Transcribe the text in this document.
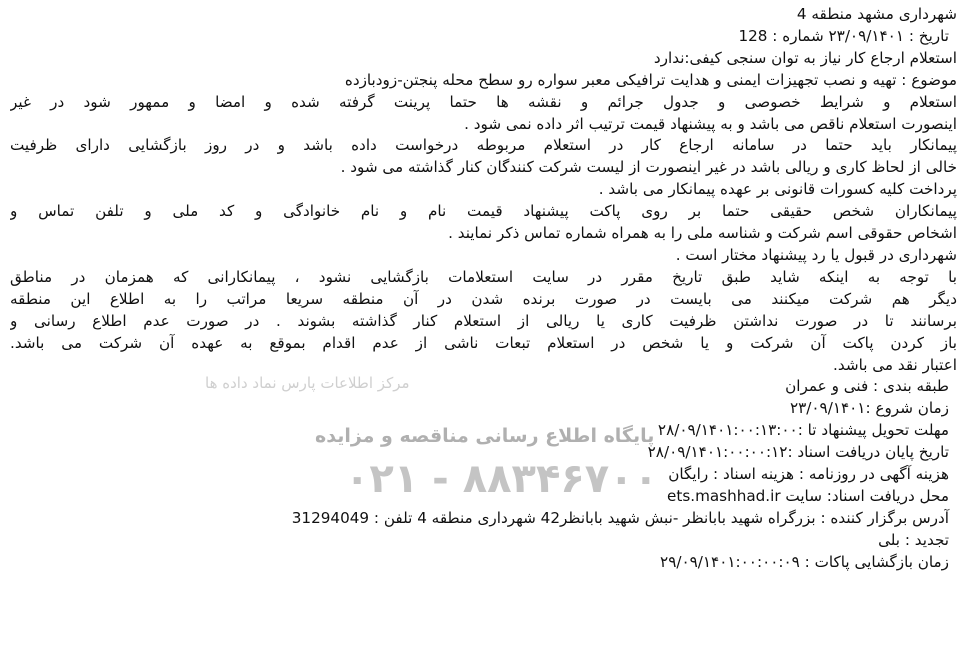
مرکز اطلاعات پارس نماد داده ها
پایگاه اطلاع رسانی مناقصه و مزایده
۰۲۱ - ۸۸۳۴۶۷۰۰
شهرداری مشهد منطقه 4
تاریخ : ۲۳/۰۹/۱۴۰۱ شماره : 128
استعلام ارجاع کار نیاز به توان سنجی کیفی:ندارد
موضوع : تهیه و نصب تجهیزات ایمنی و هدایت ترافیکی معبر سواره رو سطح محله پنجتن-زودبازده
استعلام و شرایط خصوصی و جدول جرائم و نقشه ها حتما پرینت گرفته شده و امضا و ممهور شود در غیر
اینصورت استعلام ناقص می باشد و به پیشنهاد قیمت ترتیب اثر داده نمی شود .
پیمانکار باید حتما در سامانه ارجاع کار در استعلام مربوطه درخواست داده باشد و در روز بازگشایی دارای ظرفیت
خالی از لحاظ کاری و ریالی باشد در غیر اینصورت از لیست شرکت کنندگان کنار گذاشته می شود .
پرداخت کلیه کسورات قانونی بر عهده پیمانکار می باشد .
پیمانکاران شخص حقیقی حتما بر روی پاکت پیشنهاد قیمت نام و نام خانوادگی و کد ملی و تلفن تماس و
اشخاص حقوقی اسم شرکت و شناسه ملی را به همراه شماره تماس ذکر نمایند .
شهرداری در قبول یا رد پیشنهاد مختار است .
با توجه به اینکه شاید طبق تاریخ مقرر در سایت استعلامات بازگشایی نشود ، پیمانکارانی که همزمان در مناطق
دیگر هم شرکت میکنند می بایست در صورت برنده شدن در آن منطقه سریعا مراتب را به اطلاع این منطقه
برسانند تا در صورت نداشتن ظرفیت کاری یا ریالی از استعلام کنار گذاشته بشوند . در صورت عدم اطلاع رسانی و
باز کردن پاکت آن شرکت و یا شخص در استعلام تبعات ناشی از عدم اقدام بموقع به عهده آن شرکت می باشد.
اعتبار نقد می باشد.
طبقه بندی : فنی و عمران
زمان شروع :۲۳/۰۹/۱۴۰۱
مهلت تحویل پیشنهاد تا :۲۸/۰۹/۱۴۰۱:۰۰:۱۳:۰۰
تاریخ پایان دریافت اسناد :۲۸/۰۹/۱۴۰۱:۰۰:۰۰:۱۲
هزینه آگهی در روزنامه : هزینه اسناد : رایگان
محل دریافت اسناد: سایت ets.mashhad.ir
آدرس برگزار کننده : بزرگراه شهید بابانظر -نبش شهید بابانظر42 شهرداری منطقه 4 تلفن : 31294049
تجدید : بلی
زمان بازگشایی پاکات : ۲۹/۰۹/۱۴۰۱:۰۰:۰۰:۰۹
